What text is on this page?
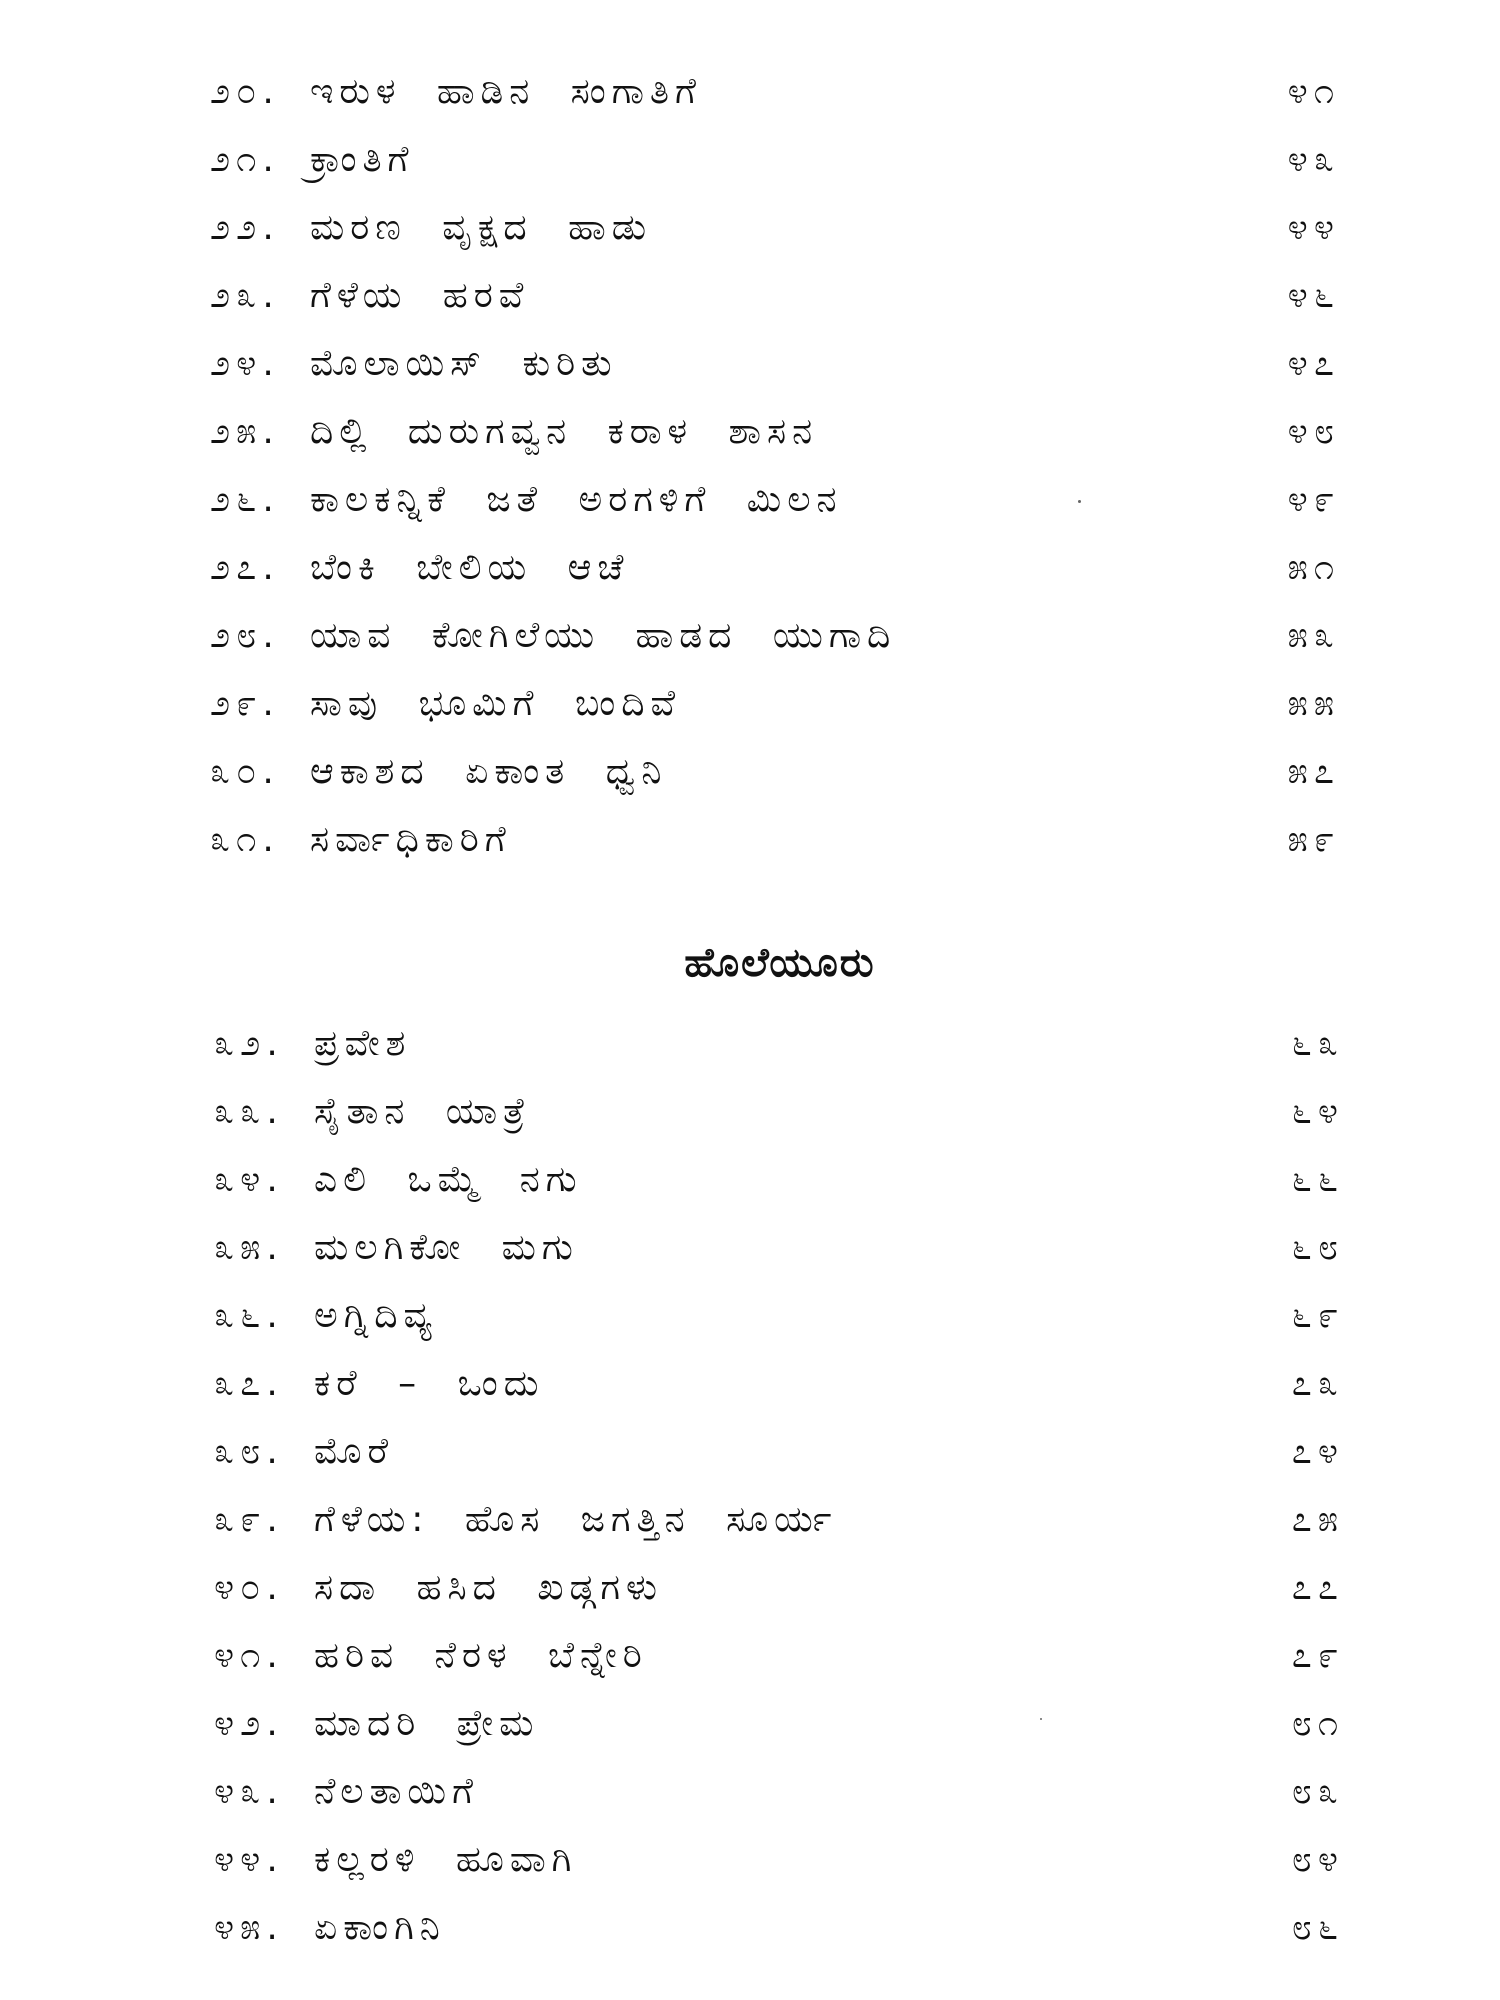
೨೦. ಇರುಳ ಹಾಡಿನ ಸಂಗಾತಿಗೆ	೪೧
೨೧. ಕ್ರಾಂತಿಗೆ	೪೩
೨೨. ಮರಣ ವೃಕ್ಷದ ಹಾಡು	೪೪
೨೩. ಗೆಳೆಯ ಹರವೆ	೪೬
೨೪. ಮೊಲಾಯಿಸ್ ಕುರಿತು	೪೭
೨೫. ದಿಲ್ಲಿ ದುರುಗವ್ವನ ಕರಾಳ ಶಾಸನ	೪೮
೨೬. ಕಾಲಕನ್ನಿಕೆ ಜತೆ ಅರಗಳಿಗೆ ಮಿಲನ	೪೯
೨೭. ಬೆಂಕಿ ಬೇಲಿಯ ಆಚೆ	೫೧
೨೮. ಯಾವ ಕೋಗಿಲೆಯು ಹಾಡದ ಯುಗಾದಿ	೫೩
೨೯. ಸಾವು ಭೂಮಿಗೆ ಬಂದಿವೆ	೫೫
೩೦. ಆಕಾಶದ ಏಕಾಂತ ಧ್ವನಿ	೫೭
೩೧. ಸರ್ವಾಧಿಕಾರಿಗೆ	೫೯
ಹೊಲೆಯೂರು
೩೨. ಪ್ರವೇಶ	೬೩
೩೩. ಸೈತಾನ ಯಾತ್ರೆ	೬೪
೩೪. ಎಲಿ ಒಮ್ಮೆ ನಗು	೬೬
೩೫. ಮಲಗಿಕೋ ಮಗು	೬೮
೩೬. ಅಗ್ನಿದಿವ್ಯ	೬೯
೩೭. ಕರೆ – ಒಂದು	೭೩
೩೮. ಮೊರೆ	೭೪
೩೯. ಗೆಳೆಯ: ಹೊಸ ಜಗತ್ತಿನ ಸೂರ್ಯ	೭೫
೪೦. ಸದಾ ಹಸಿದ ಖಡ್ಗಗಳು	೭೭
೪೧. ಹರಿವ ನೆರಳ ಬೆನ್ನೇರಿ	೭೯
೪೨. ಮಾದರಿ ಪ್ರೇಮ	೮೧
೪೩. ನೆಲತಾಯಿಗೆ	೮೩
೪೪. ಕಲ್ಲರಳಿ ಹೂವಾಗಿ	೮೪
೪೫. ಏಕಾಂಗಿನಿ	೮೬
